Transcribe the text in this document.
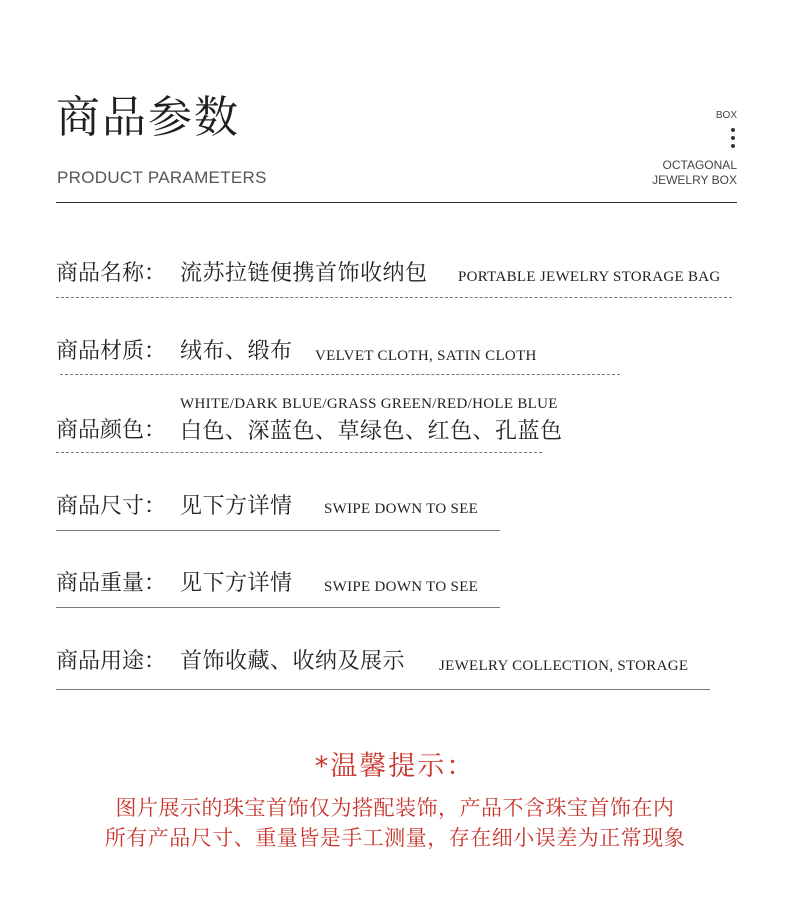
商品参数
PRODUCT PARAMETERS
BOX
OCTAGONAL
JEWELRY BOX
商品名称： 流苏拉链便携首饰收纳包 PORTABLE JEWELRY STORAGE BAG
商品材质： 绒布、缎布 VELVET CLOTH, SATIN CLOTH
WHITE/DARK BLUE/GRASS GREEN/RED/HOLE BLUE
商品颜色： 白色、深蓝色、草绿色、红色、孔蓝色
商品尺寸： 见下方详情 SWIPE DOWN TO SEE
商品重量： 见下方详情 SWIPE DOWN TO SEE
商品用途： 首饰收藏、收纳及展示 JEWELRY COLLECTION, STORAGE
*温馨提示：
图片展示的珠宝首饰仅为搭配装饰，产品不含珠宝首饰在内
所有产品尺寸、重量皆是手工测量，存在细小误差为正常现象
